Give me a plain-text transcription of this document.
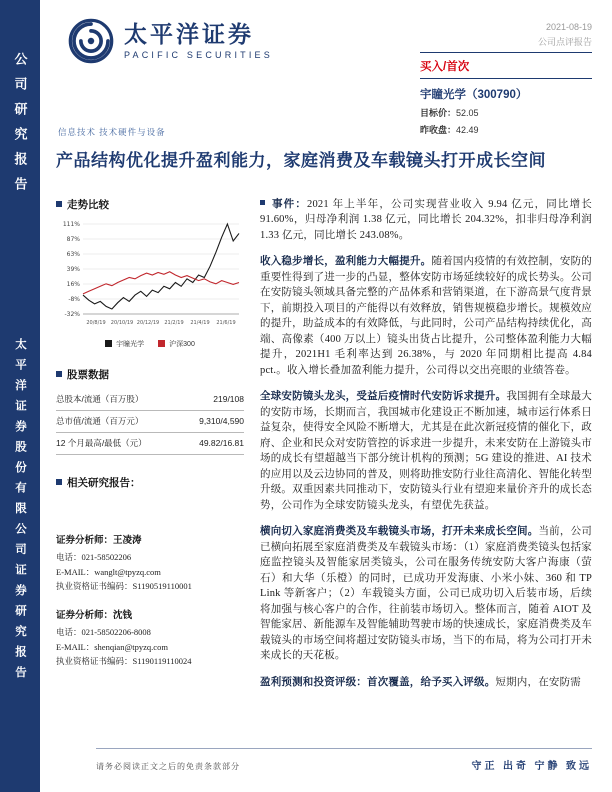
公司研究报告
太平洋证券股份有限公司证券研究报告
太平洋证券
PACIFIC SECURITIES
2021-08-19
公司点评报告
买入/首次
宇瞳光学（300790）
目标价：52.05
昨收盘：42.49
信息技术 技术硬件与设备
产品结构优化提升盈利能力，家庭消费及车载镜头打开成长空间
走势比较
111%
87%
63%
39%
16%
-8%
-32%
20/8/19 20/10/19 20/12/19 21/2/19 21/4/19 21/6/19
宇瞳光学	沪深300
股票数据
总股本/流通（百万股）	219/108
总市值/流通（百万元）	9,310/4,590
12 个月最高/最低（元）	49.82/16.81
相关研究报告：
证券分析师：王凌涛
电话：021-58502206
E-MAIL：wanglt@tpyzq.com
执业资格证书编码：S1190519110001
证券分析师：沈钱
电话：021-58502206-8008
E-MAIL：shenqian@tpyzq.com
执业资格证书编码：S1190119110024

事件：2021 年上半年，公司实现营业收入 9.94 亿元，同比增长 91.60%，归母净利润 1.38 亿元，同比增长 204.32%，扣非归母净利润 1.33 亿元，同比增长 243.08%。

收入稳步增长，盈利能力大幅提升。随着国内疫情的有效控制，安防的重要性得到了进一步的凸显，整体安防市场延续较好的成长势头。公司在安防镜头领域具备完整的产品体系和营销渠道，在下游高景气度背景下，前期投入项目的产能得以有效释放，销售规模稳步增长。规模效应的提升，助益成本的有效降低，与此同时，公司产品结构持续优化，高端、高像素（400 万以上）镜头出货占比提升，公司整体盈利能力大幅提升，2021H1 毛利率达到 26.38%，与 2020 年同期相比提高 4.84 pct.。收入增长叠加盈利能力提升，公司得以交出亮眼的业绩答卷。

全球安防镜头龙头，受益后疫情时代安防诉求提升。我国拥有全球最大的安防市场，长期而言，我国城市化建设正不断加速，城市运行体系日益复杂，使得安全风险不断增大，尤其是在此次新冠疫情的催化下，政府、企业和民众对安防管控的诉求进一步提升，未来安防在上游镜头市场的成长有望超越当下部分统计机构的预测；5G 建设的推进、AI 技术的应用以及云边协同的普及，则将助推安防行业往高清化、智能化转型升级。双重因素共同推动下，安防镜头行业有望迎来量价齐升的成长态势，公司作为全球安防镜头龙头，有望优先获益。

横向切入家庭消费类及车载镜头市场，打开未来成长空间。当前，公司已横向拓展至家庭消费类及车载镜头市场：（1）家庭消费类镜头包括家庭监控镜头及智能家居类镜头，公司在服务传统安防大客户海康（萤石）和大华（乐橙）的同时，已成功开发海康、小米小妹、360 和 TP Link 等新客户；（2）车载镜头方面，公司已成功切入后装市场，后续将加强与核心客户的合作，往前装市场切入。整体而言，随着 AIOT 及智能家居、新能源车及智能辅助驾驶市场的快速成长，家庭消费类及车载镜头的市场空间将超过安防镜头市场，当下的布局，将为公司打开未来成长的天花板。

盈利预测和投资评级：首次覆盖，给予买入评级。短期内，在安防需

请务必阅读正文之后的免责条款部分	守正 出奇 宁静 致远
